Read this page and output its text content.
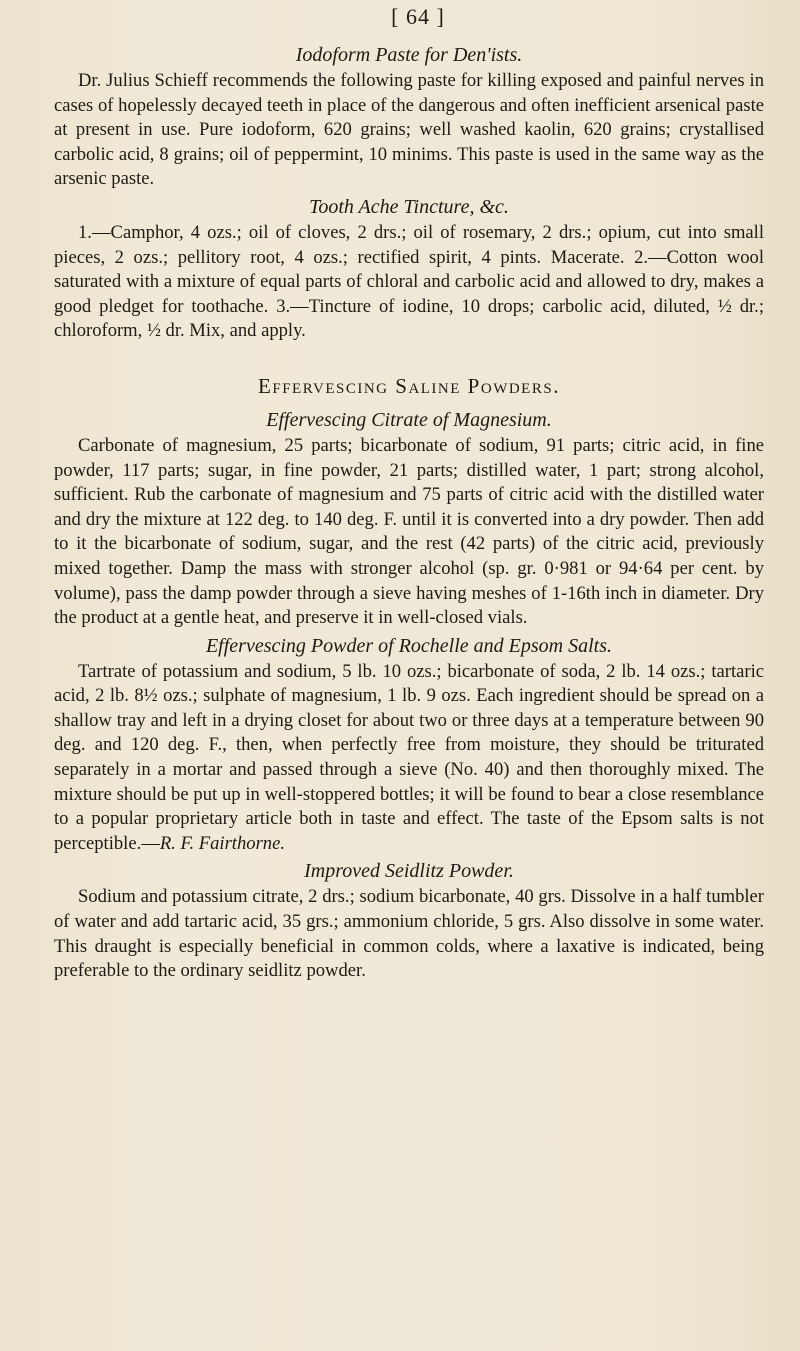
[ 64 ]
Iodoform Paste for Den'ists.

Dr. Julius Schieff recommends the following paste for killing exposed and painful nerves in cases of hopelessly decayed teeth in place of the dangerous and often inefficient arsenical paste at present in use. Pure iodoform, 620 grains; well washed kaolin, 620 grains; crystallised carbolic acid, 8 grains; oil of peppermint, 10 minims. This paste is used in the same way as the arsenic paste.

Tooth Ache Tincture, &c.

1.—Camphor, 4 ozs.; oil of cloves, 2 drs.; oil of rosemary, 2 drs.; opium, cut into small pieces, 2 ozs.; pellitory root, 4 ozs.; rectified spirit, 4 pints. Macerate. 2.—Cotton wool saturated with a mixture of equal parts of chloral and carbolic acid and allowed to dry, makes a good pledget for toothache. 3.—Tincture of iodine, 10 drops; carbolic acid, diluted, ½ dr.; chloroform, ½ dr. Mix, and apply.

Effervescing Saline Powders.
Effervescing Citrate of Magnesium.

Carbonate of magnesium, 25 parts; bicarbonate of sodium, 91 parts; citric acid, in fine powder, 117 parts; sugar, in fine powder, 21 parts; distilled water, 1 part; strong alcohol, sufficient. Rub the carbonate of magnesium and 75 parts of citric acid with the distilled water and dry the mixture at 122 deg. to 140 deg. F. until it is converted into a dry powder. Then add to it the bicarbonate of sodium, sugar, and the rest (42 parts) of the citric acid, previously mixed together. Damp the mass with stronger alcohol (sp. gr. 0·981 or 94·64 per cent. by volume), pass the damp powder through a sieve having meshes of 1-16th inch in diameter. Dry the product at a gentle heat, and preserve it in well-closed vials.

Effervescing Powder of Rochelle and Epsom Salts.

Tartrate of potassium and sodium, 5 lb. 10 ozs.; bicarbonate of soda, 2 lb. 14 ozs.; tartaric acid, 2 lb. 8½ ozs.; sulphate of magnesium, 1 lb. 9 ozs. Each ingredient should be spread on a shallow tray and left in a drying closet for about two or three days at a temperature between 90 deg. and 120 deg. F., then, when perfectly free from moisture, they should be triturated separately in a mortar and passed through a sieve (No. 40) and then thoroughly mixed. The mixture should be put up in well-stoppered bottles; it will be found to bear a close resemblance to a popular proprietary article both in taste and effect. The taste of the Epsom salts is not perceptible.—R. F. Fairthorne.

Improved Seidlitz Powder.

Sodium and potassium citrate, 2 drs.; sodium bicarbonate, 40 grs. Dissolve in a half tumbler of water and add tartaric acid, 35 grs.; ammonium chloride, 5 grs. Also dissolve in some water. This draught is especially beneficial in common colds, where a laxative is indicated, being preferable to the ordinary seidlitz powder.
